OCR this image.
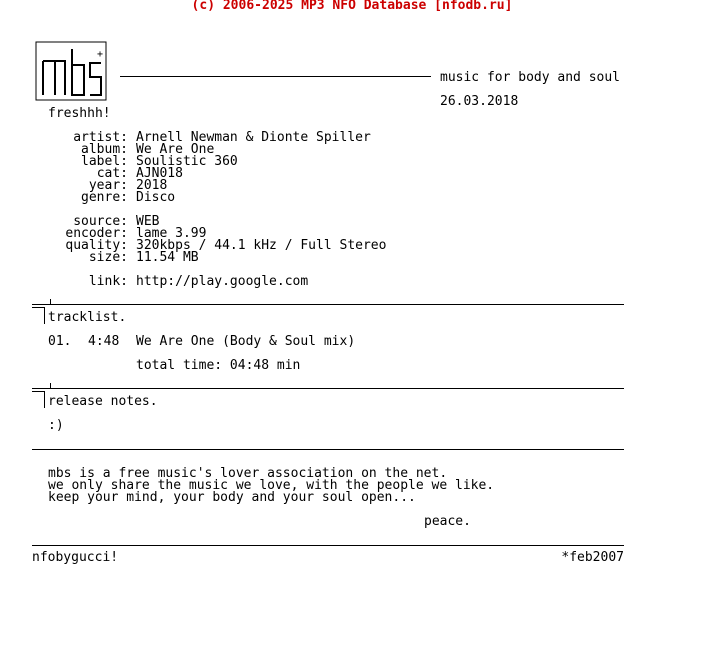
(c) 2006-2025 MP3 NFO Database [nfodb.ru]
+
music for body and soul
26.03.2018
freshhh!
artist: Arnell Newman & Dionte Spiller
album: We Are One
label: Soulistic 360
cat: AJN018
year: 2018
genre: Disco
source: WEB
encoder: lame 3.99
quality: 320kbps / 44.1 kHz / Full Stereo
size: 11.54 MB
link: http://play.google.com
tracklist.
01. 4:48 We Are One (Body & Soul mix)
total time: 04:48 min
release notes.
:)
mbs is a free music's lover association on the net.
we only share the music we love, with the people we like.
keep your mind, your body and your soul open...
peace.
nfobygucci!	*feb2007
